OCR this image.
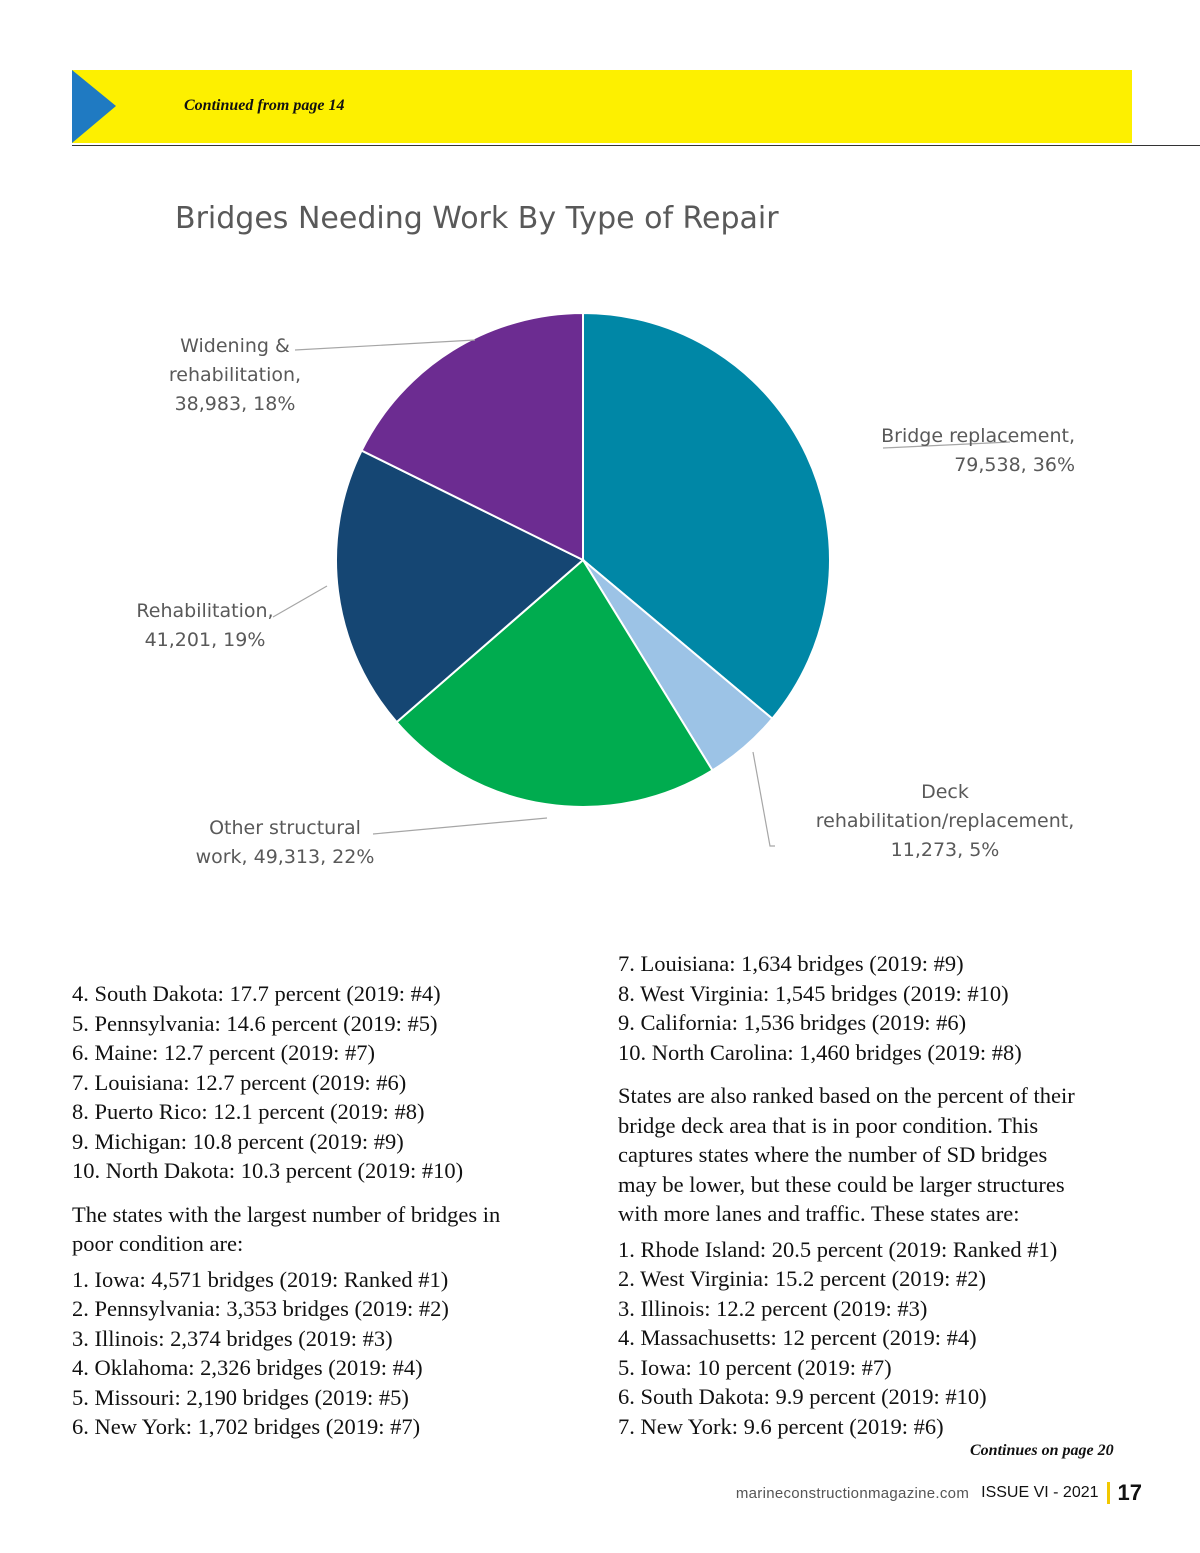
Continued from page 14
Bridges Needing Work By Type of Repair
Bridge replacement, 79,538, 36%
Deck rehabilitation/replacement, 11,273, 5%
Other structural work, 49,313, 22%
Rehabilitation, 41,201, 19%
Widening & rehabilitation, 38,983, 18%
4. South Dakota: 17.7 percent (2019: #4)
5. Pennsylvania: 14.6 percent (2019: #5)
6. Maine: 12.7 percent (2019: #7)
7. Louisiana: 12.7 percent (2019: #6)
8. Puerto Rico: 12.1 percent (2019: #8)
9. Michigan: 10.8 percent (2019: #9)
10. North Dakota: 10.3 percent (2019: #10)

The states with the largest number of bridges in
poor condition are:

1. Iowa: 4,571 bridges (2019: Ranked #1)
2. Pennsylvania: 3,353 bridges (2019: #2)
3. Illinois: 2,374 bridges (2019: #3)
4. Oklahoma: 2,326 bridges (2019: #4)
5. Missouri: 2,190 bridges (2019: #5)
6. New York: 1,702 bridges (2019: #7)
7. Louisiana: 1,634 bridges (2019: #9)
8. West Virginia: 1,545 bridges (2019: #10)
9. California: 1,536 bridges (2019: #6)
10. North Carolina: 1,460 bridges (2019: #8)

States are also ranked based on the percent of their
bridge deck area that is in poor condition. This
captures states where the number of SD bridges
may be lower, but these could be larger structures
with more lanes and traffic. These states are:

1. Rhode Island: 20.5 percent (2019: Ranked #1)
2. West Virginia: 15.2 percent (2019: #2)
3. Illinois: 12.2 percent (2019: #3)
4. Massachusetts: 12 percent (2019: #4)
5. Iowa: 10 percent (2019: #7)
6. South Dakota: 9.9 percent (2019: #10)
7. New York: 9.6 percent (2019: #6)
Continues on page 20
marineconstructionmagazine.com ISSUE VI - 2021 17
